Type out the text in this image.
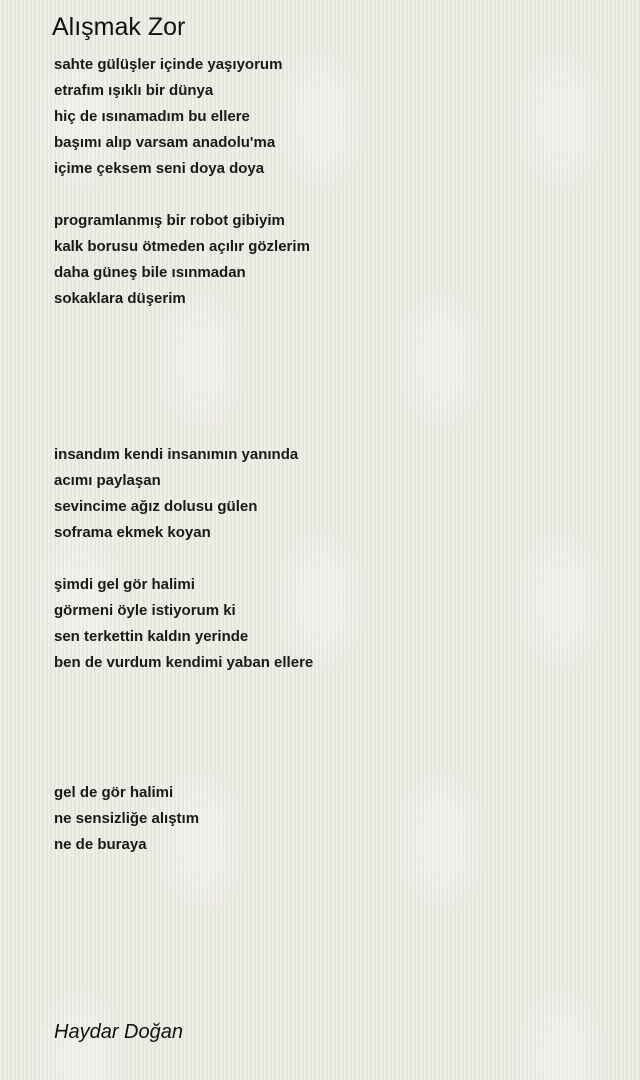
Alışmak Zor
sahte gülüşler içinde yaşıyorum
etrafım ışıklı bir dünya
hiç de ısınamadım bu ellere
başımı alıp varsam anadolu'ma
içime çeksem seni doya doya
programlanmış bir robot gibiyim
kalk borusu ötmeden açılır gözlerim
daha güneş bile ısınmadan
sokaklara düşerim
insandım kendi insanımın yanında
acımı paylaşan
sevincime ağız dolusu gülen
soframa ekmek koyan
şimdi gel gör halimi
görmeni öyle istiyorum ki
sen terkettin kaldın yerinde
ben de vurdum kendimi yaban ellere
gel de gör halimi
ne sensizliğe alıştım
ne de buraya
Haydar Doğan
